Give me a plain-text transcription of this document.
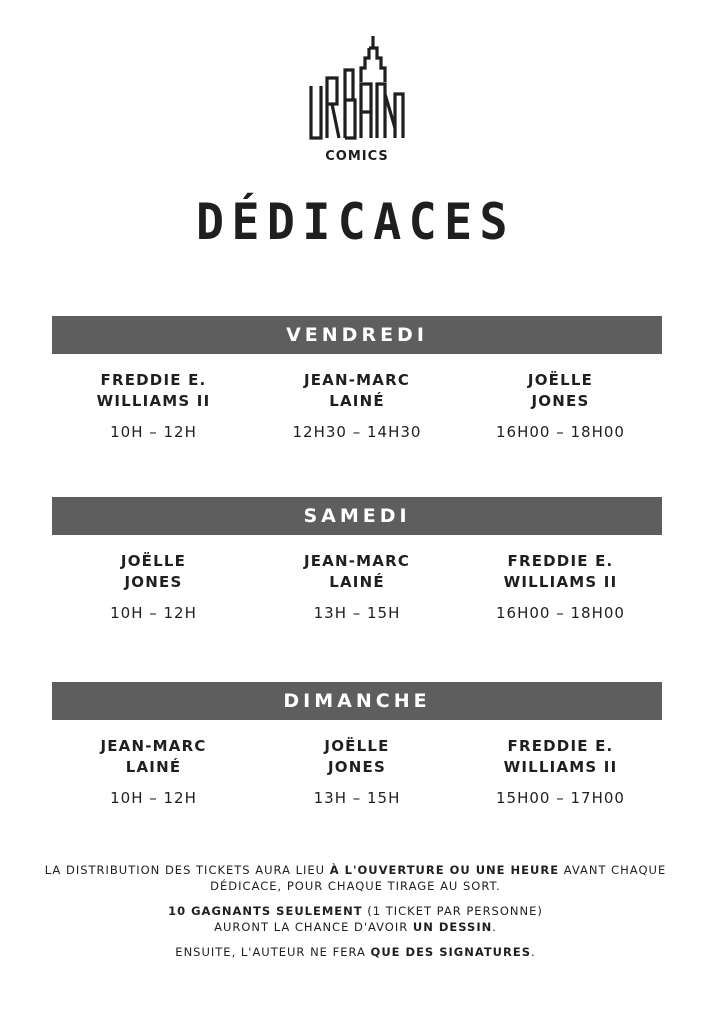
COMICS
DÉDICACES
VENDREDI
FREDDIE E.
WILLIAMS II
10H – 12H
JEAN-MARC
LAINÉ
12H30 – 14H30
JOËLLE
JONES
16H00 – 18H00
SAMEDI
JOËLLE
JONES
10H – 12H
JEAN-MARC
LAINÉ
13H – 15H
FREDDIE E.
WILLIAMS II
16H00 – 18H00
DIMANCHE
JEAN-MARC
LAINÉ
10H – 12H
JOËLLE
JONES
13H – 15H
FREDDIE E.
WILLIAMS II
15H00 – 17H00

LA DISTRIBUTION DES TICKETS AURA LIEU À L'OUVERTURE OU UNE HEURE AVANT CHAQUE DÉDICACE, POUR CHAQUE TIRAGE AU SORT.

10 GAGNANTS SEULEMENT (1 TICKET PAR PERSONNE)
AURONT LA CHANCE D'AVOIR UN DESSIN.

ENSUITE, L'AUTEUR NE FERA QUE DES SIGNATURES.
